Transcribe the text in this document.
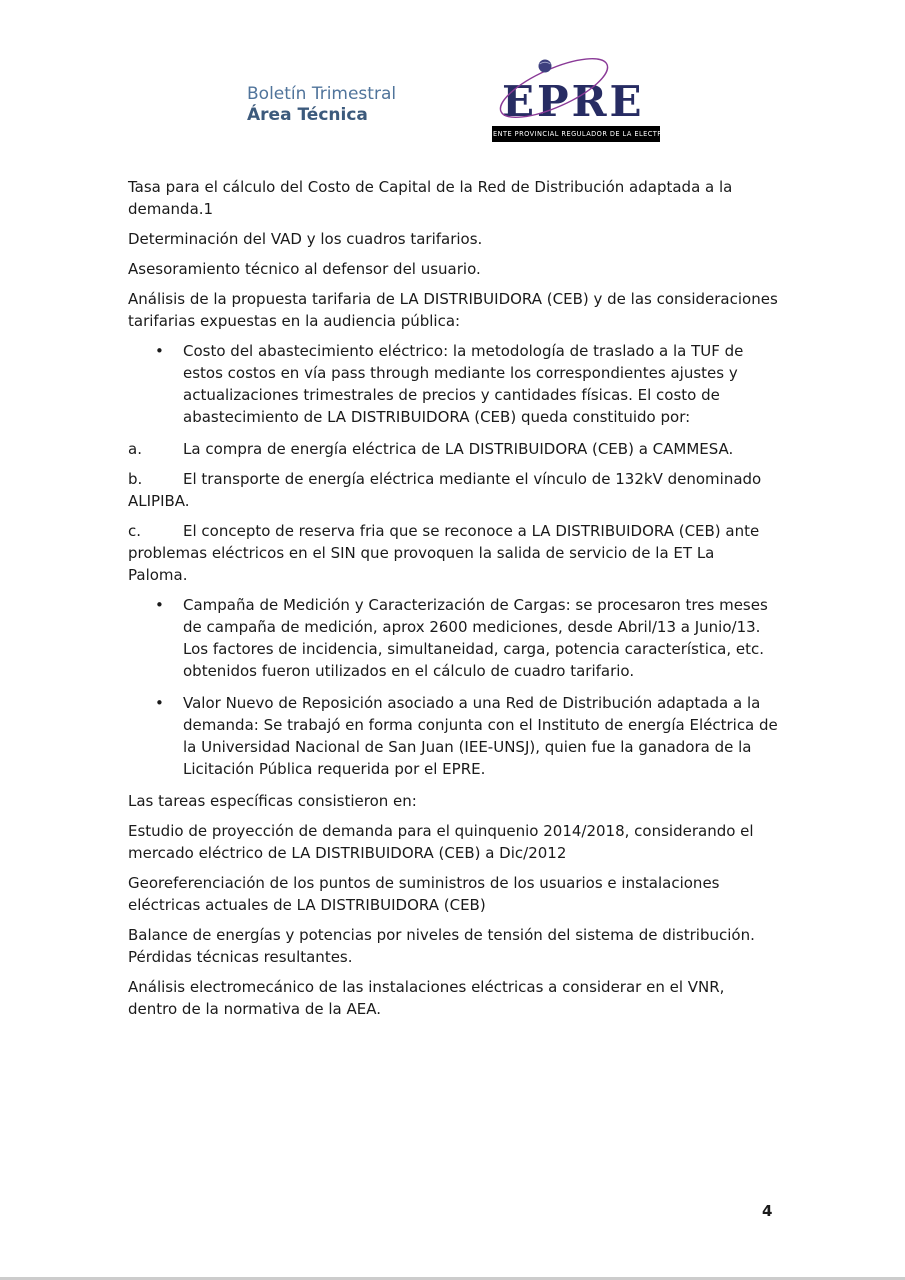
Boletín Trimestral
Área Técnica	EPRE
ENTE PROVINCIAL REGULADOR DE LA ELECTRICIDAD

Tasa para el cálculo del Costo de Capital de la Red de Distribución adaptada a la demanda.1

Determinación del VAD y los cuadros tarifarios.

Asesoramiento técnico al defensor del usuario.

Análisis de la propuesta tarifaria de LA DISTRIBUIDORA (CEB) y de las consideraciones tarifarias expuestas en la audiencia pública:

• Costo del abastecimiento eléctrico: la metodología de traslado a la TUF de estos costos en vía pass through mediante los correspondientes ajustes y actualizaciones trimestrales de precios y cantidades físicas. El costo de abastecimiento de LA DISTRIBUIDORA (CEB) queda constituido por:

a.	La compra de energía eléctrica de LA DISTRIBUIDORA (CEB) a CAMMESA.

b.	El transporte de energía eléctrica mediante el vínculo de 132kV denominado ALIPIBA.

c.	El concepto de reserva fria que se reconoce a LA DISTRIBUIDORA (CEB) ante problemas eléctricos en el SIN que provoquen la salida de servicio de la ET La Paloma.

• Campaña de Medición y Caracterización de Cargas: se procesaron tres meses de campaña de medición, aprox 2600 mediciones, desde Abril/13 a Junio/13. Los factores de incidencia, simultaneidad, carga, potencia característica, etc. obtenidos fueron utilizados en el cálculo de cuadro tarifario.
• Valor Nuevo de Reposición asociado a una Red de Distribución adaptada a la demanda: Se trabajó en forma conjunta con el Instituto de energía Eléctrica de la Universidad Nacional de San Juan (IEE-UNSJ), quien fue la ganadora de la Licitación Pública requerida por el EPRE.

Las tareas específicas consistieron en:

Estudio de proyección de demanda para el quinquenio 2014/2018, considerando el mercado eléctrico de LA DISTRIBUIDORA (CEB) a Dic/2012

Georeferenciación de los puntos de suministros de los usuarios e instalaciones eléctricas actuales de LA DISTRIBUIDORA (CEB)

Balance de energías y potencias por niveles de tensión del sistema de distribución. Pérdidas técnicas resultantes.

Análisis electromecánico de las instalaciones eléctricas a considerar en el VNR, dentro de la normativa de la AEA.

4
